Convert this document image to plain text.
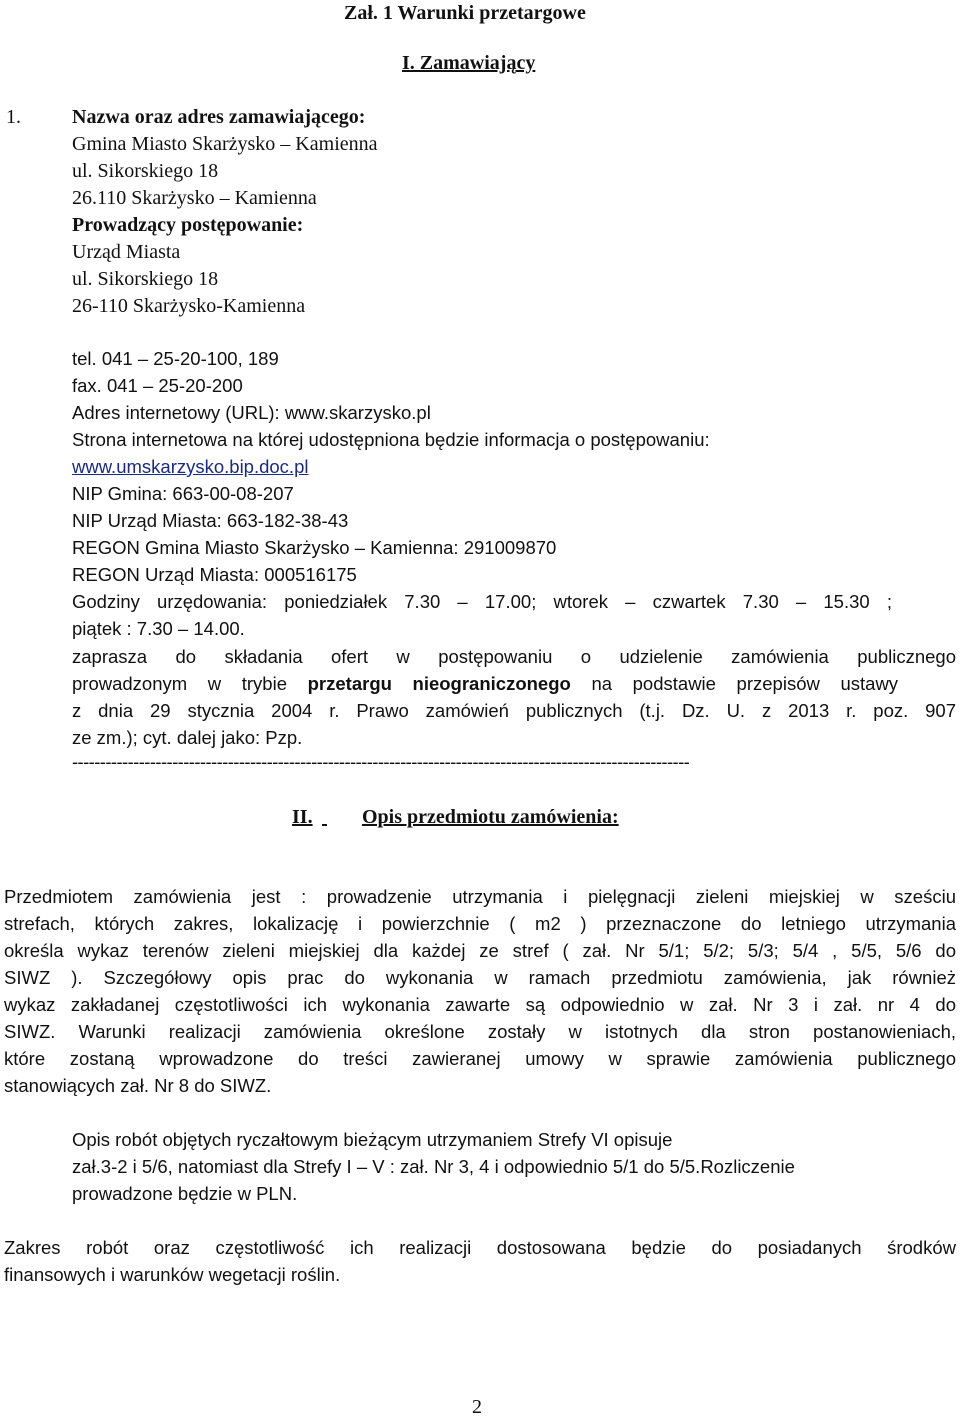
Zał. 1 Warunki przetargowe
I. Zamawiający
1.	Nazwa oraz adres zamawiającego:
Gmina Miasto Skarżysko – Kamienna
ul. Sikorskiego 18
26.110 Skarżysko – Kamienna
Prowadzący postępowanie:
Urząd Miasta
ul. Sikorskiego 18
26-110 Skarżysko-Kamienna
tel. 041 – 25-20-100, 189
fax. 041 – 25-20-200
Adres internetowy (URL): www.skarzysko.pl
Strona internetowa na której udostępniona będzie informacja o postępowaniu:
www.umskarzysko.bip.doc.pl
NIP Gmina: 663-00-08-207
NIP Urząd Miasta: 663-182-38-43
REGON Gmina Miasto Skarżysko – Kamienna: 291009870
REGON Urząd Miasta: 000516175
Godziny urzędowania: poniedziałek 7.30 – 17.00; wtorek – czwartek 7.30 – 15.30 ;
piątek : 7.30 – 14.00.
zaprasza do składania ofert w postępowaniu o udzielenie zamówienia publicznego
prowadzonym w trybie przetargu nieograniczonego na podstawie przepisów ustawy
z dnia 29 stycznia 2004 r. Prawo zamówień publicznych (t.j. Dz. U. z 2013 r. poz. 907
ze zm.); cyt. dalej jako: Pzp.
---------------------------------------------------------------------------------------------------------------
II.
Opis przedmiotu zamówienia:
Przedmiotem zamówienia jest : prowadzenie utrzymania i pielęgnacji zieleni miejskiej w sześciu
strefach, których zakres, lokalizację i powierzchnie ( m2 ) przeznaczone do letniego utrzymania
określa wykaz terenów zieleni miejskiej dla każdej ze stref ( zał. Nr 5/1; 5/2; 5/3; 5/4 , 5/5, 5/6 do
SIWZ ). Szczegółowy opis prac do wykonania w ramach przedmiotu zamówienia, jak również
wykaz zakładanej częstotliwości ich wykonania zawarte są odpowiednio w zał. Nr 3 i zał. nr 4 do
SIWZ. Warunki realizacji zamówienia określone zostały w istotnych dla stron postanowieniach,
które zostaną wprowadzone do treści zawieranej umowy w sprawie zamówienia publicznego
stanowiących zał. Nr 8 do SIWZ.
Opis robót objętych ryczałtowym bieżącym utrzymaniem Strefy VI opisuje
zał.3-2 i 5/6, natomiast dla Strefy I – V : zał. Nr 3, 4 i odpowiednio 5/1 do 5/5.Rozliczenie
prowadzone będzie w PLN.
Zakres robót oraz częstotliwość ich realizacji dostosowana będzie do posiadanych środków
finansowych i warunków wegetacji roślin.
2
